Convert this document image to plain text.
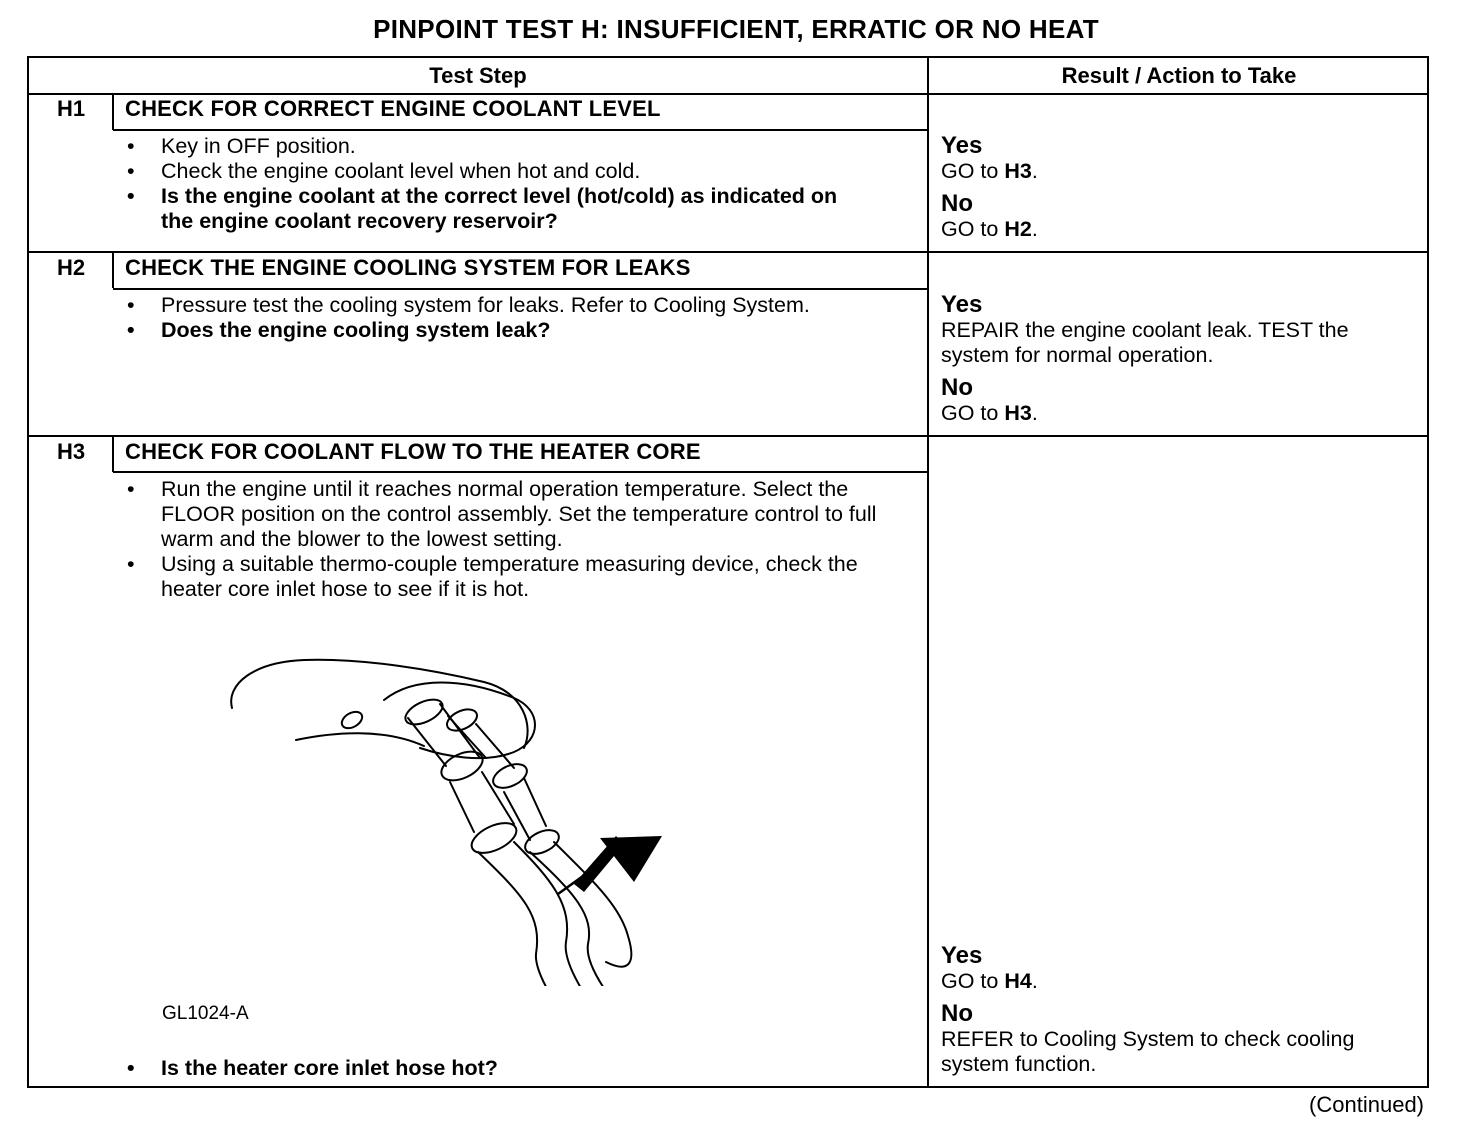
PINPOINT TEST H: INSUFFICIENT, ERRATIC OR NO HEAT
Test Step	Result / Action to Take
H1	CHECK FOR CORRECT ENGINE COOLANT LEVEL
• Key in OFF position.
• Check the engine coolant level when hot and cold.
• Is the engine coolant at the correct level (hot/cold) as indicated on the engine coolant recovery reservoir?
Yes
GO to H3.
No
GO to H2.
H2	CHECK THE ENGINE COOLING SYSTEM FOR LEAKS
• Pressure test the cooling system for leaks. Refer to Cooling System.
• Does the engine cooling system leak?
Yes
REPAIR the engine coolant leak. TEST the system for normal operation.
No
GO to H3.
H3	CHECK FOR COOLANT FLOW TO THE HEATER CORE
• Run the engine until it reaches normal operation temperature. Select the FLOOR position on the control assembly. Set the temperature control to full warm and the blower to the lowest setting.
• Using a suitable thermo-couple temperature measuring device, check the heater core inlet hose to see if it is hot.
GL1024-A
• Is the heater core inlet hose hot?
Yes
GO to H4.
No
REFER to Cooling System to check cooling system function.
(Continued)
